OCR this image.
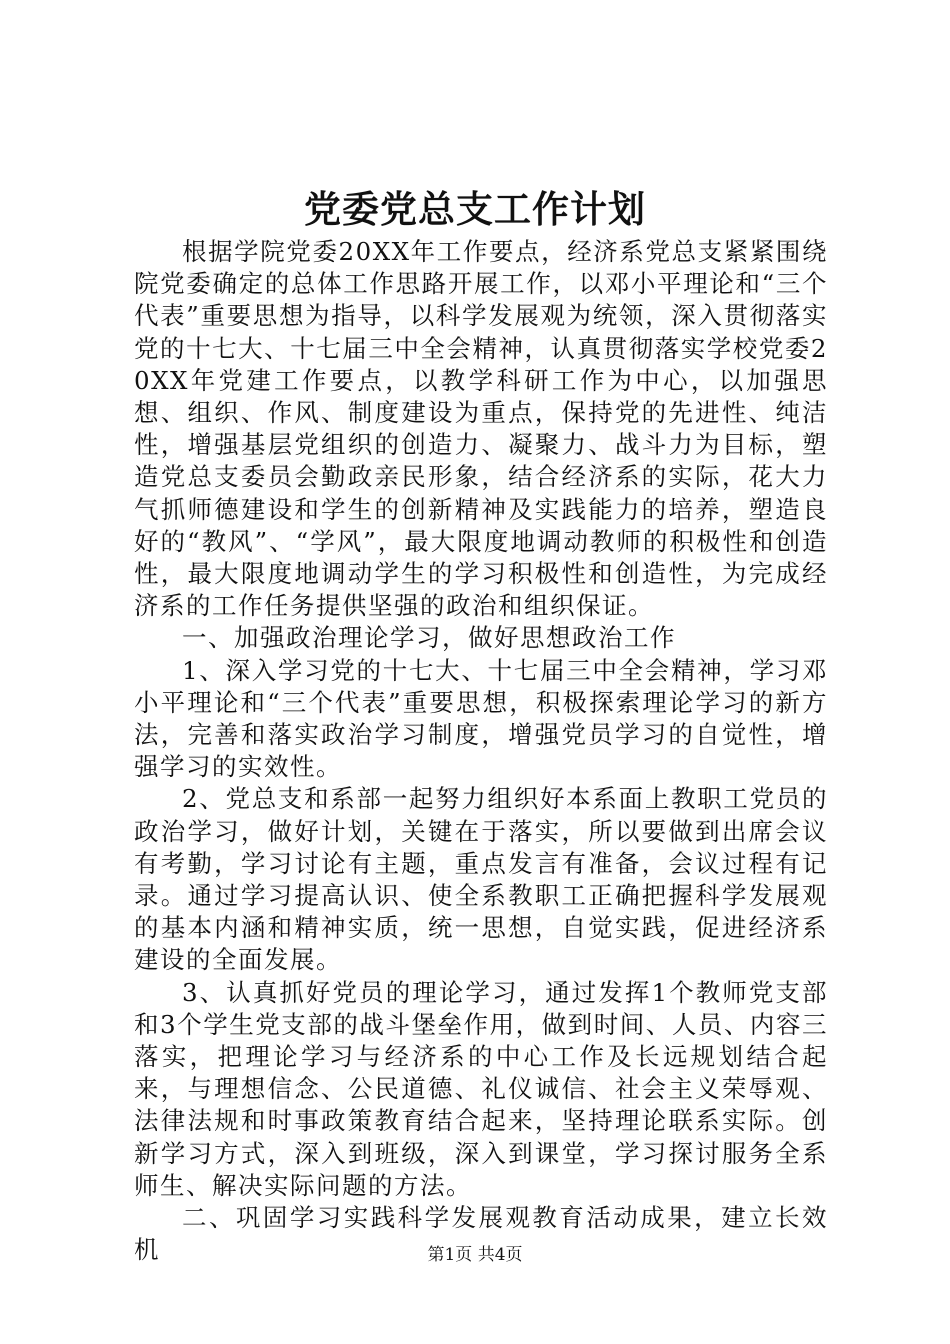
党委党总支工作计划

根据学院党委20XX年工作要点，经济系党总支紧紧围绕院党委确定的总体工作思路开展工作，以邓小平理论和“三个代表”重要思想为指导，以科学发展观为统领，深入贯彻落实党的十七大、十七届三中全会精神，认真贯彻落实学校党委20XX年党建工作要点，以教学科研工作为中心，以加强思想、组织、作风、制度建设为重点，保持党的先进性、纯洁性，增强基层党组织的创造力、凝聚力、战斗力为目标，塑造党总支委员会勤政亲民形象，结合经济系的实际，花大力气抓师德建设和学生的创新精神及实践能力的培养，塑造良好的“教风”、“学风”，最大限度地调动教师的积极性和创造性，最大限度地调动学生的学习积极性和创造性，为完成经济系的工作任务提供坚强的政治和组织保证。

一、加强政治理论学习，做好思想政治工作

1、深入学习党的十七大、十七届三中全会精神，学习邓小平理论和“三个代表”重要思想，积极探索理论学习的新方法，完善和落实政治学习制度，增强党员学习的自觉性，增强学习的实效性。

2、党总支和系部一起努力组织好本系面上教职工党员的政治学习，做好计划，关键在于落实，所以要做到出席会议有考勤，学习讨论有主题，重点发言有准备，会议过程有记录。通过学习提高认识、使全系教职工正确把握科学发展观的基本内涵和精神实质，统一思想，自觉实践，促进经济系建设的全面发展。

3、认真抓好党员的理论学习，通过发挥1个教师党支部和3个学生党支部的战斗堡垒作用，做到时间、人员、内容三落实，把理论学习与经济系的中心工作及长远规划结合起来，与理想信念、公民道德、礼仪诚信、社会主义荣辱观、法律法规和时事政策教育结合起来，坚持理论联系实际。创新学习方式，深入到班级，深入到课堂，学习探讨服务全系师生、解决实际问题的方法。

二、巩固学习实践科学发展观教育活动成果，建立长效机	第1页 共4页
